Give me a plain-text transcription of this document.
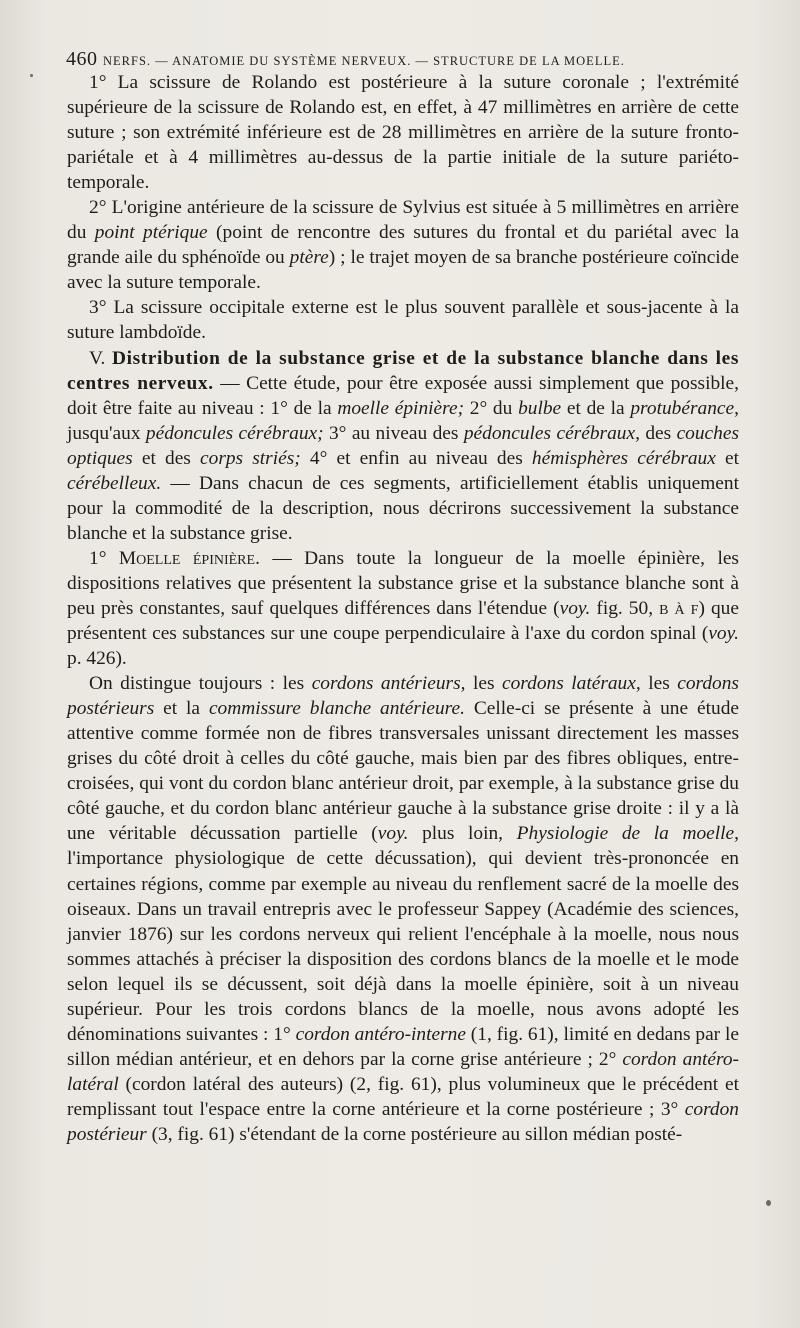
460 NERFS. — ANATOMIE DU SYSTÈME NERVEUX. — STRUCTURE DE LA MOELLE.

1° La scissure de Rolando est postérieure à la suture coronale ; l'extrémité supérieure de la scissure de Rolando est, en effet, à 47 millimètres en arrière de cette suture ; son extrémité inférieure est de 28 millimètres en arrière de la suture fronto-pariétale et à 4 millimètres au-dessus de la partie initiale de la suture pariéto-temporale.

2° L'origine antérieure de la scissure de Sylvius est située à 5 millimètres en arrière du point ptérique (point de rencontre des sutures du frontal et du pariétal avec la grande aile du sphénoïde ou ptère) ; le trajet moyen de sa branche postérieure coïncide avec la suture temporale.

3° La scissure occipitale externe est le plus souvent parallèle et sous-jacente à la suture lambdoïde.

V. Distribution de la substance grise et de la substance blanche dans les centres nerveux. — Cette étude, pour être exposée aussi simplement que possible, doit être faite au niveau : 1° de la moelle épinière; 2° du bulbe et de la protubérance, jusqu'aux pédoncules cérébraux; 3° au niveau des pédoncules cérébraux, des couches optiques et des corps striés; 4° et enfin au niveau des hémisphères cérébraux et cérébelleux. — Dans chacun de ces segments, artificiellement établis uniquement pour la commodité de la description, nous décrirons successivement la substance blanche et la substance grise.

1° Moelle épinière. — Dans toute la longueur de la moelle épinière, les dispositions relatives que présentent la substance grise et la substance blanche sont à peu près constantes, sauf quelques différences dans l'étendue (voy. fig. 50, b à f) que présentent ces substances sur une coupe perpendiculaire à l'axe du cordon spinal (voy. p. 426).

On distingue toujours : les cordons antérieurs, les cordons latéraux, les cordons postérieurs et la commissure blanche antérieure. Celle-ci se présente à une étude attentive comme formée non de fibres transversales unissant directement les masses grises du côté droit à celles du côté gauche, mais bien par des fibres obliques, entre-croisées, qui vont du cordon blanc antérieur droit, par exemple, à la substance grise du côté gauche, et du cordon blanc antérieur gauche à la substance grise droite : il y a là une véritable décussation partielle (voy. plus loin, Physiologie de la moelle, l'importance physiologique de cette décussation), qui devient très-prononcée en certaines régions, comme par exemple au niveau du renflement sacré de la moelle des oiseaux. Dans un travail entrepris avec le professeur Sappey (Académie des sciences, janvier 1876) sur les cordons nerveux qui relient l'encéphale à la moelle, nous nous sommes attachés à préciser la disposition des cordons blancs de la moelle et le mode selon lequel ils se décussent, soit déjà dans la moelle épinière, soit à un niveau supérieur. Pour les trois cordons blancs de la moelle, nous avons adopté les dénominations suivantes : 1° cordon antéro-interne (1, fig. 61), limité en dedans par le sillon médian antérieur, et en dehors par la corne grise antérieure ; 2° cordon antéro-latéral (cordon latéral des auteurs) (2, fig. 61), plus volumineux que le précédent et remplissant tout l'espace entre la corne antérieure et la corne postérieure ; 3° cordon postérieur (3, fig. 61) s'étendant de la corne postérieure au sillon médian posté-
